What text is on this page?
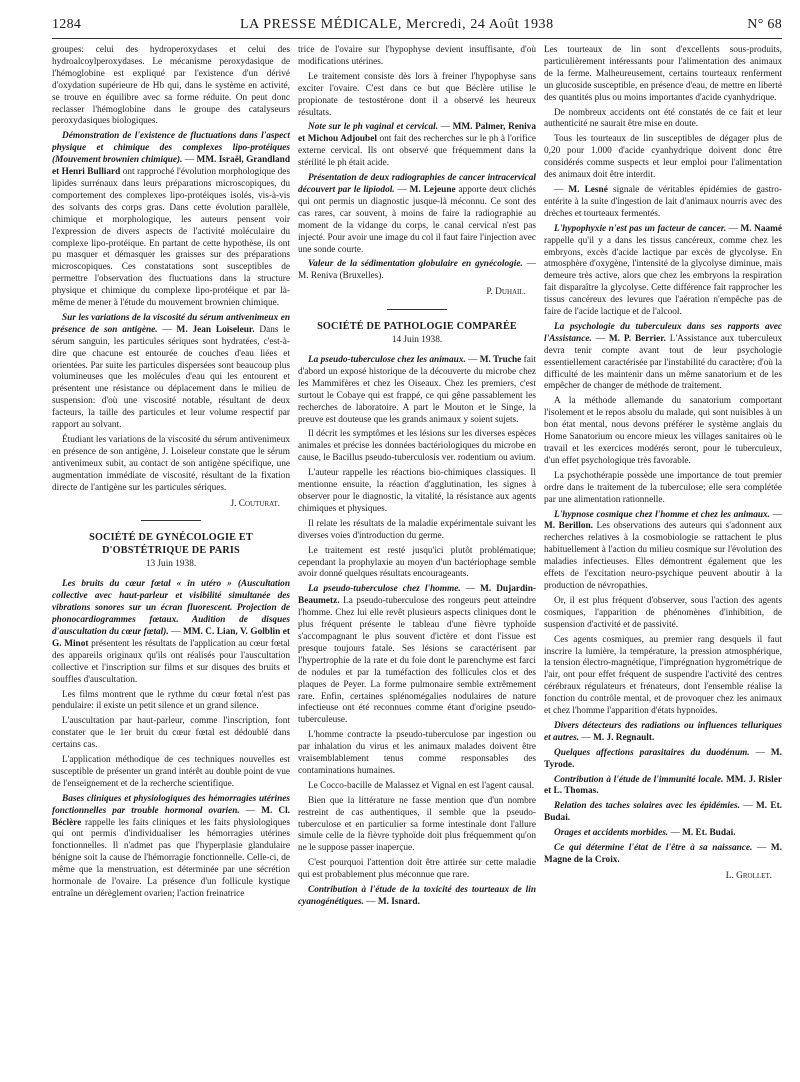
1284	LA PRESSE MÉDICALE, Mercredi, 24 Août 1938	N° 68

groupes: celui des hydroperoxydases et celui des hydroalcoylperoxydases. Le mécanisme peroxydasique de l'hémoglobine est expliqué par l'existence d'un dérivé d'oxydation supérieure de Hb qui, dans le système en activité, se trouve en équilibre avec sa forme réduite. On peut donc reclasser l'hémoglobine dans le groupe des catalyseurs peroxydasiques biologiques.

Démonstration de l'existence de fluctuations dans l'aspect physique et chimique des complexes lipo-protéiques (Mouvement brownien chimique). — MM. Israël, Grandland et Henri Bulliard ont rapproché l'évolution morphologique des lipides surrénaux dans leurs préparations microscopiques, du comportement des complexes lipo-protéiques isolés, vis-à-vis des solvants des corps gras. Dans cette évolution parallèle, chimique et morphologique, les auteurs pensent voir l'expression de divers aspects de l'activité moléculaire du complexe lipo-protéique. En partant de cette hypothèse, ils ont pu masquer et démasquer les graisses sur des préparations microscopiques. Ces constatations sont susceptibles de permettre l'observation des fluctuations dans la structure physique et chimique du complexe lipo-protéique et par là-même de mener à l'étude du mouvement brownien chimique.

Sur les variations de la viscosité du sérum antivenimeux en présence de son antigène. — M. Jean Loiseleur. Dans le sérum sanguin, les particules sériques sont hydratées, c'est-à-dire que chacune est entourée de couches d'eau liées et orientées. Par suite les particules dispersées sont beaucoup plus volumineuses que les molécules d'eau qui les entourent et présentent une résistance ou déplacement dans le milieu de suspension: d'où une viscosité notable, résultant de deux facteurs, la taille des particules et leur volume respectif par rapport au solvant.

Étudiant les variations de la viscosité du sérum antivenimeux en présence de son antigène, J. Loiseleur constate que le sérum antivenimeux subit, au contact de son antigène spécifique, une augmentation immédiate de viscosité, résultant de la fixation directe de l'antigène sur les particules sériques.

J. Couturat.
SOCIÉTÉ DE GYNÉCOLOGIE ET D'OBSTÉTRIQUE DE PARIS
13 Juin 1938.

Les bruits du cœur fœtal « in utéro » (Auscultation collective avec haut-parleur et visibilité simultanée des vibrations sonores sur un écran fluorescent. Projection de phonocardiogrammes fœtaux. Audition de disques d'auscultation du cœur fœtal). — MM. C. Lian, V. Golblin et G. Minot présentent les résultats de l'application au cœur fœtal des appareils originaux qu'ils ont réalisés pour l'auscultation collective et l'inscription sur films et sur disques des bruits et souffles d'auscultation.

Les films montrent que le rythme du cœur fœtal n'est pas pendulaire: il existe un petit silence et un grand silence.

L'auscultation par haut-parleur, comme l'inscription, font constater que le 1er bruit du cœur fœtal est dédoublé dans certains cas.

L'application méthodique de ces techniques nouvelles est susceptible de présenter un grand intérêt au double point de vue de l'enseignement et de la recherche scientifique.

Bases cliniques et physiologiques des hémorragies utérines fonctionnelles par trouble hormonal ovarien. — M. Cl. Béclère rappelle les faits cliniques et les faits physiologiques qui ont permis d'individualiser les hémorragies utérines fonctionnelles. Il n'admet pas que l'hyperplasie glandulaire bénigne soit la cause de l'hémorragie fonctionnelle. Celle-ci, de même que la menstruation, est déterminée par une sécrétion hormonale de l'ovaire. La présence d'un follicule kystique entraîne un dérèglement ovarien; l'action freinatrice

trice de l'ovaire sur l'hypophyse devient insuffisante, d'où modifications utérines.

Le traitement consiste dès lors à freiner l'hypophyse sans exciter l'ovaire. C'est dans ce but que Béclère utilise le propionate de testostérone dont il a observé les heureux résultats.

Note sur le ph vaginal et cervical. — MM. Palmer, Reniva et Michou Adjoubel ont fait des recherches sur le ph à l'orifice externe cervical. Ils ont observé que fréquemment dans la stérilité le ph était acide.

Présentation de deux radiographies de cancer intracervical découvert par le lipiodol. — M. Lejeune apporte deux clichés qui ont permis un diagnostic jusque-là méconnu. Ce sont des cas rares, car souvent, à moins de faire la radiographie au moment de la vidange du corps, le canal cervical n'est pas injecté. Pour avoir une image du col il faut faire l'injection avec une sonde courte.

Valeur de la sédimentation globulaire en gynécologie. — M. Reniva (Bruxelles).

P. Duhail.
SOCIÉTÉ DE PATHOLOGIE COMPARÉE
14 Juin 1938.

La pseudo-tuberculose chez les animaux. — M. Truche fait d'abord un exposé historique de la découverte du microbe chez les Mammifères et chez les Oiseaux. Chez les premiers, c'est surtout le Cobaye qui est frappé, ce qui gêne passablement les recherches de laboratoire. A part le Mouton et le Singe, la preuve est douteuse que les grands animaux y soient sujets.

Il décrit les symptômes et les lésions sur les diverses espèces animales et précise les données bactériologiques du microbe en cause, le Bacillus pseudo-tuberculosis ver. rodentium ou avium.

L'auteur rappelle les réactions bio-chimiques classiques. Il mentionne ensuite, la réaction d'agglutination, les signes à observer pour le diagnostic, la vitalité, la résistance aux agents chimiques et physiques.

Il relate les résultats de la maladie expérimentale suivant les diverses voies d'introduction du germe.

Le traitement est resté jusqu'ici plutôt problématique; cependant la prophylaxie au moyen d'un bactériophage semble avoir donné quelques résultats encourageants.

La pseudo-tuberculose chez l'homme. — M. Dujardin-Beaumetz. La pseudo-tuberculose des rongeurs peut atteindre l'homme. Chez lui elle revêt plusieurs aspects cliniques dont le plus fréquent présente le tableau d'une fièvre typhoïde s'accompagnant le plus souvent d'ictère et dont l'issue est presque toujours fatale. Ses lésions se caractérisent par l'hypertrophie de la rate et du foie dont le parenchyme est farci de nodules et par la tuméfaction des follicules clos et des plaques de Peyer. La forme pulmonaire semble extrêmement rare. Enfin, certaines splénomégalies nodulaires de nature infectieuse ont été reconnues comme étant d'origine pseudo-tuberculeuse.

L'homme contracte la pseudo-tuberculose par ingestion ou par inhalation du virus et les animaux malades doivent être vraisemblablement tenus comme responsables des contaminations humaines.

Le Cocco-bacille de Malassez et Vignal en est l'agent causal.

Bien que la littérature ne fasse mention que d'un nombre restreint de cas authentiques, il semble que la pseudo-tuberculose et en particulier sa forme intestinale dont l'allure simule celle de la fièvre typhoïde doit plus fréquemment qu'on ne le suppose passer inaperçue.

C'est pourquoi l'attention doit être attirée sur cette maladie qui est probablement plus méconnue que rare.

Contribution à l'étude de la toxicité des tourteaux de lin cyanogénétiques. — M. Isnard.

Les tourteaux de lin sont d'excellents sous-produits, particulièrement intéressants pour l'alimentation des animaux de la ferme. Malheureusement, certains tourteaux renferment un glucoside susceptible, en présence d'eau, de mettre en liberté des quantités plus ou moins importantes d'acide cyanhydrique.

De nombreux accidents ont été constatés de ce fait et leur authenticité ne saurait être mise en doute.

Tous les tourteaux de lin susceptibles de dégager plus de 0,20 pour 1.000 d'acide cyanhydrique doivent donc être considérés comme suspects et leur emploi pour l'alimentation des animaux doit être interdit.

— M. Lesné signale de véritables épidémies de gastro-entérite à la suite d'ingestion de lait d'animaux nourris avec des drèches et tourteaux fermentés.

L'hypophyxie n'est pas un facteur de cancer. — M. Naamé rappelle qu'il y a dans les tissus cancéreux, comme chez les embryons, excès d'acide lactique par excès de glycolyse. En atmosphère d'oxygène, l'intensité de la glycolyse diminue, mais demeure très active, alors que chez les embryons la respiration fait disparaître la glycolyse. Cette différence fait rapprocher les tissus cancéreux des levures que l'aération n'empêche pas de faire de l'acide lactique et de l'alcool.

La psychologie du tuberculeux dans ses rapports avec l'Assistance. — M. P. Berrier. L'Assistance aux tuberculeux devra tenir compte avant tout de leur psychologie essentiellement caractérisée par l'instabilité du caractère; d'où la difficulté de les maintenir dans un même sanatorium et de les empêcher de changer de méthode de traitement.

A la méthode allemande du sanatorium comportant l'isolement et le repos absolu du malade, qui sont nuisibles à un bon état mental, nous devons préférer le système anglais du Home Sanatorium ou encore mieux les villages sanitaires où le travail et les exercices modérés seront, pour le tuberculeux, d'un effet psychologique très favorable.

La psychothérapie possède une importance de tout premier ordre dans le traitement de la tuberculose; elle sera complétée par une alimentation rationnelle.

L'hypnose cosmique chez l'homme et chez les animaux. — M. Berillon. Les observations des auteurs qui s'adonnent aux recherches relatives à la cosmobiologie se rattachent le plus habituellement à l'action du milieu cosmique sur l'évolution des maladies infectieuses. Elles démontrent également que les effets de l'excitation neuro-psychique peuvent aboutir à la production de névropathies.

Or, il est plus fréquent d'observer, sous l'action des agents cosmiques, l'apparition de phénomènes d'inhibition, de suspension d'activité et de passivité.

Ces agents cosmiques, au premier rang desquels il faut inscrire la lumière, la température, la pression atmosphérique, la tension électro-magnétique, l'imprégnation hygrométrique de l'air, ont pour effet fréquent de suspendre l'activité des centres cérébraux régulateurs et frénateurs, dont l'ensemble réalise la fonction du contrôle mental, et de provoquer chez les animaux et chez l'homme l'apparition d'états hypnoïdes.

Divers détecteurs des radiations ou influences telluriques et autres. — M. J. Regnault.

Quelques affections parasitaires du duodénum. — M. Tyrode.

Contribution à l'étude de l'immunité locale. MM. J. Risler et L. Thomas.

Relation des taches solaires avec les épidémies. — M. Et. Budai.

Orages et accidents morbides. — M. Et. Budai.

Ce qui détermine l'état de l'être à sa naissance. — M. Magne de la Croix.

L. Grollet.
